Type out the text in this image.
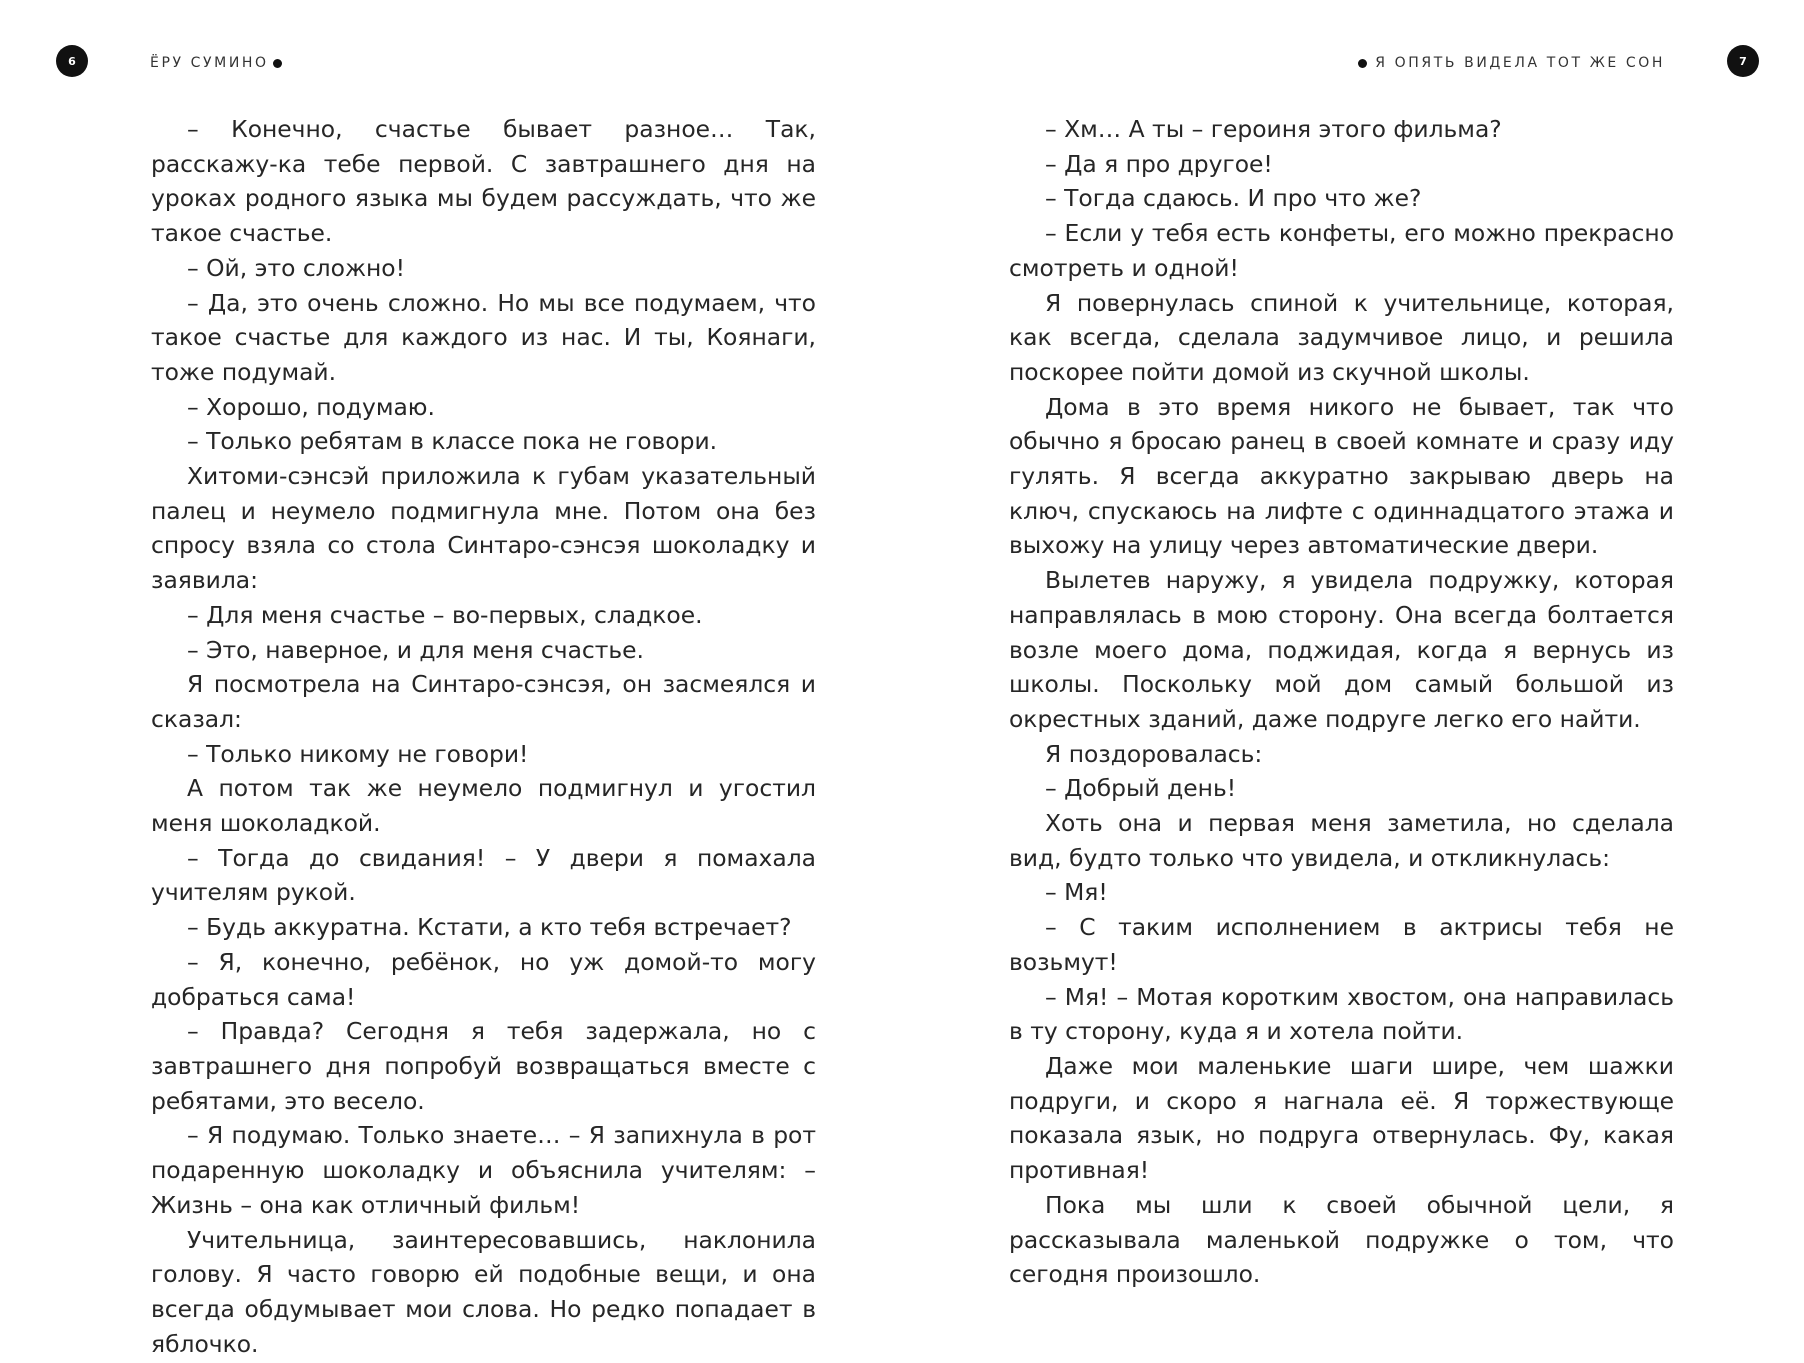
6	ЁРУ СУМИНО	Я ОПЯТЬ ВИДЕЛА ТОТ ЖЕ СОН	7

– Конечно, счастье бывает разное… Так, расскажу-ка тебе первой. С завтрашнего дня на уроках родного языка мы будем рассуждать, что же такое счастье.

– Ой, это сложно!

– Да, это очень сложно. Но мы все подумаем, что такое счастье для каждого из нас. И ты, Коянаги, тоже подумай.

– Хорошо, подумаю.

– Только ребятам в классе пока не говори.

Хитоми-сэнсэй приложила к губам указательный палец и неумело подмигнула мне. Потом она без спросу взяла со стола Синтаро-сэнсэя шоколадку и заявила:

– Для меня счастье – во-первых, сладкое.

– Это, наверное, и для меня счастье.

Я посмотрела на Синтаро-сэнсэя, он засмеялся и сказал:

– Только никому не говори!

А потом так же неумело подмигнул и угостил меня шоколадкой.

– Тогда до свидания! – У двери я помахала учителям рукой.

– Будь аккуратна. Кстати, а кто тебя встречает?

– Я, конечно, ребёнок, но уж домой-то могу добраться сама!

– Правда? Сегодня я тебя задержала, но с завтрашнего дня попробуй возвращаться вместе с ребятами, это весело.

– Я подумаю. Только знаете… – Я запихнула в рот подаренную шоколадку и объяснила учителям: – Жизнь – она как отличный фильм!

Учительница, заинтересовавшись, наклонила голову. Я часто говорю ей подобные вещи, и она всегда обдумывает мои слова. Но редко попадает в яблочко.

– Хм… А ты – героиня этого фильма?

– Да я про другое!

– Тогда сдаюсь. И про что же?

– Если у тебя есть конфеты, его можно прекрасно смотреть и одной!

Я повернулась спиной к учительнице, которая, как всегда, сделала задумчивое лицо, и решила поскорее пойти домой из скучной школы.

Дома в это время никого не бывает, так что обычно я бросаю ранец в своей комнате и сразу иду гулять. Я всегда аккуратно закрываю дверь на ключ, спускаюсь на лифте с одиннадцатого этажа и выхожу на улицу через автоматические двери.

Вылетев наружу, я увидела подружку, которая направлялась в мою сторону. Она всегда болтается возле моего дома, поджидая, когда я вернусь из школы. Поскольку мой дом самый большой из окрестных зданий, даже подруге легко его найти.

Я поздоровалась:

– Добрый день!

Хоть она и первая меня заметила, но сделала вид, будто только что увидела, и откликнулась:

– Мя!

– С таким исполнением в актрисы тебя не возьмут!

– Мя! – Мотая коротким хвостом, она направилась в ту сторону, куда я и хотела пойти.

Даже мои маленькие шаги шире, чем шажки подруги, и скоро я нагнала её. Я торжествующе показала язык, но подруга отвернулась. Фу, какая противная!

Пока мы шли к своей обычной цели, я рассказывала маленькой подружке о том, что сегодня произошло.
